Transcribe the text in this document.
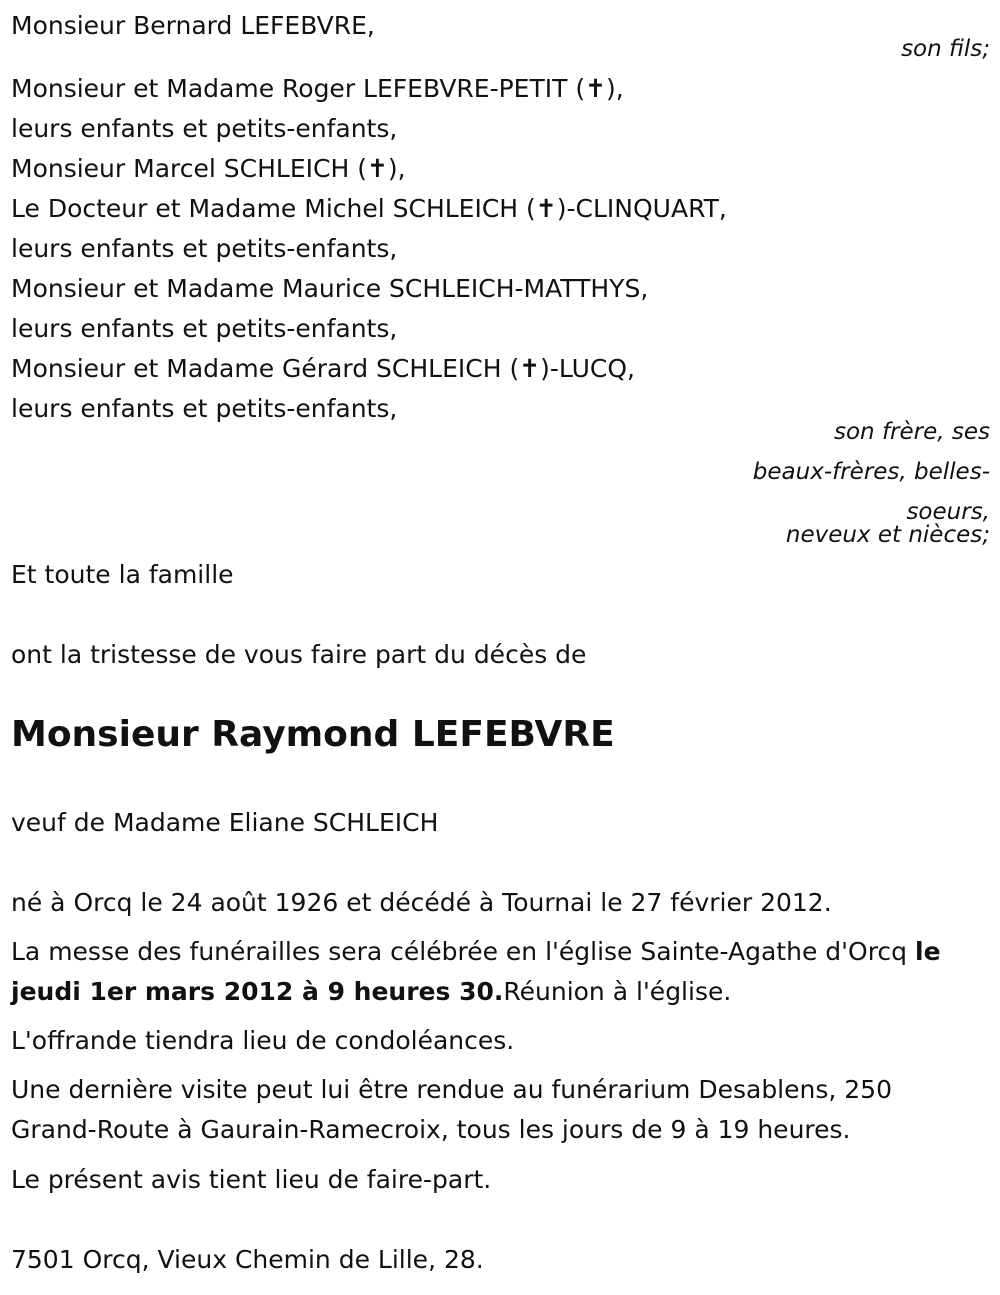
Monsieur Bernard LEFEBVRE,
son fils;
Monsieur et Madame Roger LEFEBVRE-PETIT (✝),
leurs enfants et petits-enfants,
Monsieur Marcel SCHLEICH (✝),
Le Docteur et Madame Michel SCHLEICH (✝)-CLINQUART,
leurs enfants et petits-enfants,
Monsieur et Madame Maurice SCHLEICH-MATTHYS,
leurs enfants et petits-enfants,
Monsieur et Madame Gérard SCHLEICH (✝)-LUCQ,
leurs enfants et petits-enfants,
son frère, ses
beaux-frères, belles-
soeurs,
neveux et nièces;
Et toute la famille
ont la tristesse de vous faire part du décès de
Monsieur Raymond LEFEBVRE
veuf de Madame Eliane SCHLEICH
né à Orcq le 24 août 1926 et décédé à Tournai le 27 février 2012.
La messe des funérailles sera célébrée en l'église Sainte-Agathe d'Orcq le
jeudi 1er mars 2012 à 9 heures 30.Réunion à l'église.
L'offrande tiendra lieu de condoléances.
Une dernière visite peut lui être rendue au funérarium Desablens, 250
Grand-Route à Gaurain-Ramecroix, tous les jours de 9 à 19 heures.
Le présent avis tient lieu de faire-part.
7501 Orcq, Vieux Chemin de Lille, 28.
